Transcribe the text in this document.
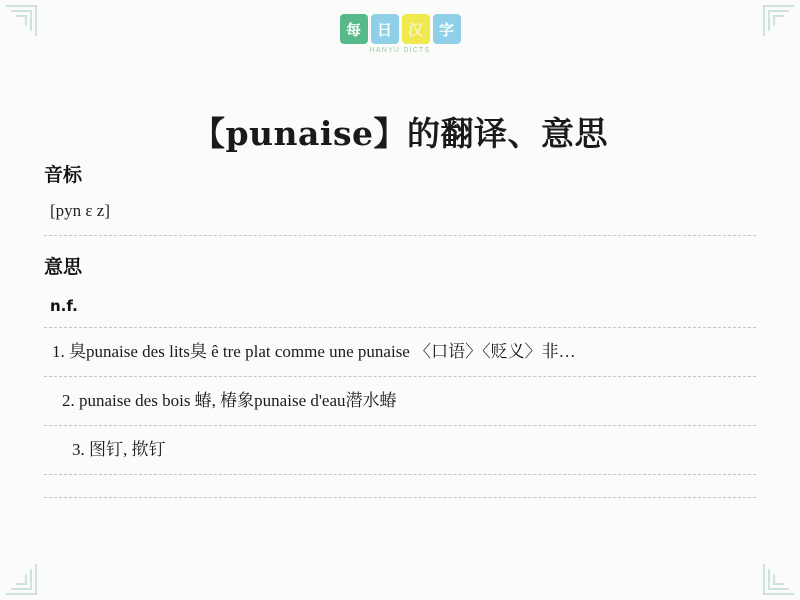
每	日	汉	字
HANYU DICTS
【punaise】的翻译、意思
音标
[pyn ɛ z]
意思
n.f.
1. 臭punaise des lits臭 ê tre plat comme une punaise 〈口语〉〈贬义〉非…
2. punaise des bois 蝽, 椿象punaise d'eau潜水蝽
3. 图钉, 揿钉
